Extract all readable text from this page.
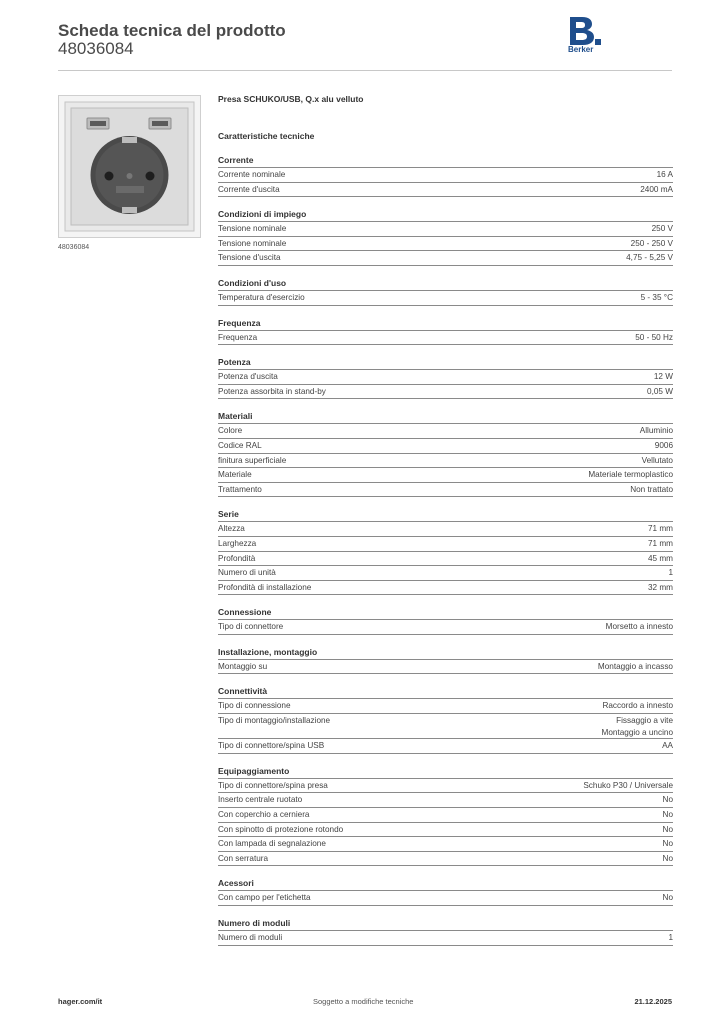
Scheda tecnica del prodotto
48036084	Berker
48036084
Presa SCHUKO/USB, Q.x alu velluto
Caratteristiche tecniche
Corrente
Corrente nominale	16 A
Corrente d'uscita	2400 mA
Condizioni di impiego
Tensione nominale	250 V
Tensione nominale	250 - 250 V
Tensione d'uscita	4,75 - 5,25 V
Condizioni d'uso
Temperatura d'esercizio	5 - 35 °C
Frequenza
Frequenza	50 - 50 Hz
Potenza
Potenza d'uscita	12 W
Potenza assorbita in stand-by	0,05 W
Materiali
Colore	Alluminio
Codice RAL	9006
finitura superficiale	Vellutato
Materiale	Materiale termoplastico
Trattamento	Non trattato
Serie
Altezza	71 mm
Larghezza	71 mm
Profondità	45 mm
Numero di unità	1
Profondità di installazione	32 mm
Connessione
Tipo di connettore	Morsetto a innesto
Installazione, montaggio
Montaggio su	Montaggio a incasso
Connettività
Tipo di connessione	Raccordo a innesto
Tipo di montaggio/installazione	Fissaggio a vite
Montaggio a uncino
Tipo di connettore/spina USB	AA
Equipaggiamento
Tipo di connettore/spina presa	Schuko P30 / Universale
Inserto centrale ruotato	No
Con coperchio a cerniera	No
Con spinotto di protezione rotondo	No
Con lampada di segnalazione	No
Con serratura	No
Acessori
Con campo per l'etichetta	No
Numero di moduli
Numero di moduli	1
hager.com/it	Soggetto a modifiche tecniche	21.12.2025
